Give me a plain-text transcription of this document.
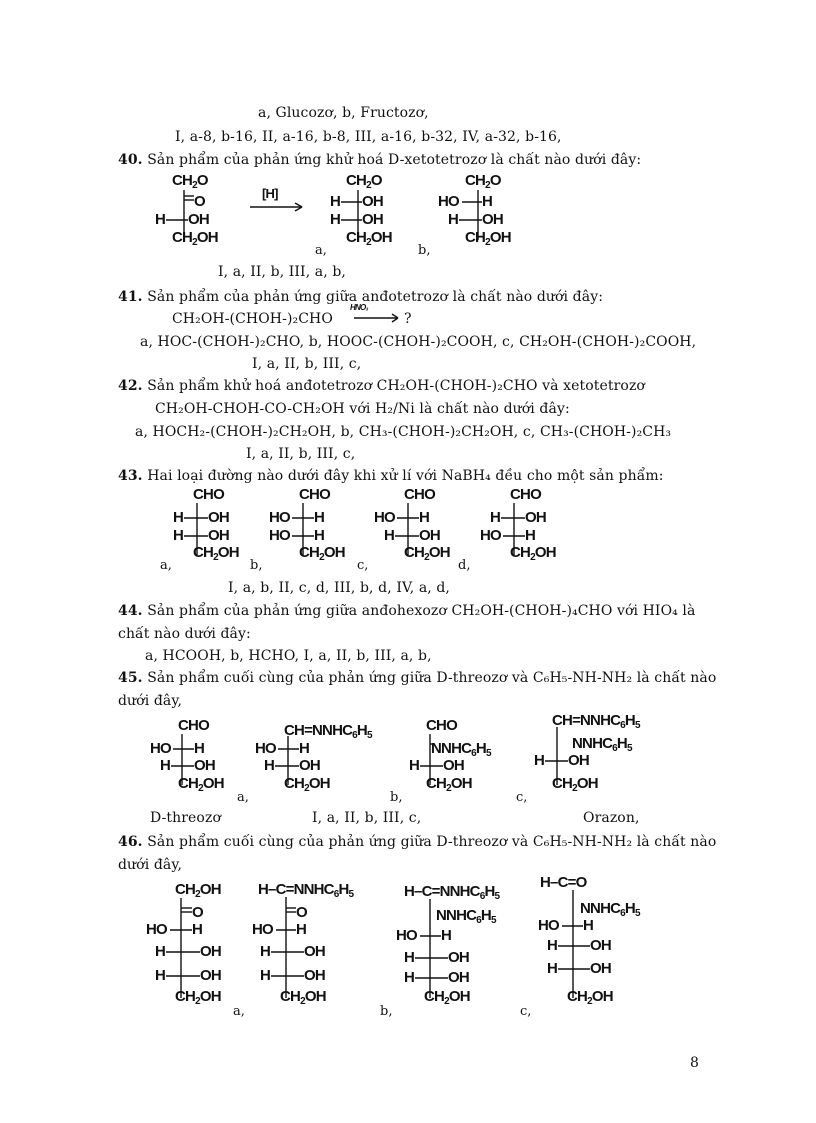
a, Glucozơ, b, Fructozơ,
I, a-8, b-16, II, a-16, b-8, III, a-16, b-32, IV, a-32, b-16,
40. Sản phẩm của phản ứng khử hoá D-xetotetrozơ là chất nào dưới đây:
$CH_2O$
O
H OH
$CH_2OH$
[H]
$CH_2O$
H OH
H OH
$CH_2OH$
a,
$CH_2O$
HO H
H OH
$CH_2OH$
b,
I, a, II, b, III, a, b,
41. Sản phẩm của phản ứng giữa anđotetrozơ là chất nào dưới đây:
CH₂OH-(CHOH-)₂CHO
HNO₃
?
a, HOC-(CHOH-)₂CHO, b, HOOC-(CHOH-)₂COOH, c, CH₂OH-(CHOH-)₂COOH,
I, a, II, b, III, c,
42. Sản phẩm khử hoá anđotetrozơ CH₂OH-(CHOH-)₂CHO và xetotetrozơ
CH₂OH-CHOH-CO-CH₂OH với H₂/Ni là chất nào dưới đây:
a, HOCH₂-(CHOH-)₂CH₂OH, b, CH₃-(CHOH-)₂CH₂OH, c, CH₃-(CHOH-)₂CH₃
I, a, II, b, III, c,
43. Hai loại đường nào dưới đây khi xử lí với NaBH₄ đều cho một sản phẩm:
CHO
H OH
H OH
$CH_2OH$
a,
CHO
HO H
HO H
$CH_2OH$
b,
CHO
HO H
H OH
$CH_2OH$
c,
CHO
H OH
HO H
$CH_2OH$
d,
I, a, b, II, c, d, III, b, d, IV, a, d,
44. Sản phẩm của phản ứng giữa anđohexozơ CH₂OH-(CHOH-)₄CHO với HIO₄ là
chất nào dưới đây:
a, HCOOH, b, HCHO, I, a, II, b, III, a, b,
45. Sản phẩm cuối cùng của phản ứng giữa D-threozơ và C₆H₅-NH-NH₂ là chất nào
dưới đây,
CHO
HO H
H OH
$CH_2OH$
a,
$CH=NNHC_6H_5$
HO H
H OH
$CH_2OH$
b,
CHO
$NNHC_6H_5$
H OH
$CH_2OH$
c,
$CH=NNHC_6H_5$
$NNHC_6H_5$
H OH
$CH_2OH$
D-threozơ	I, a, II, b, III, c,	Orazon,
46. Sản phẩm cuối cùng của phản ứng giữa D-threozơ và C₆H₅-NH-NH₂ là chất nào
dưới đây,
$CH_2OH$
O
HO H
H OH
H OH
$CH_2OH$
a,
$H-C=NNHC_6H_5$
O
HO H
H OH
H OH
$CH_2OH$
b,
$H-C=NNHC_6H_5$
$NNHC_6H_5$
HO H
H OH
H OH
$CH_2OH$
c,
H–C=O
$NNHC_6H_5$
HO H
H OH
H OH
$CH_2OH$
8
